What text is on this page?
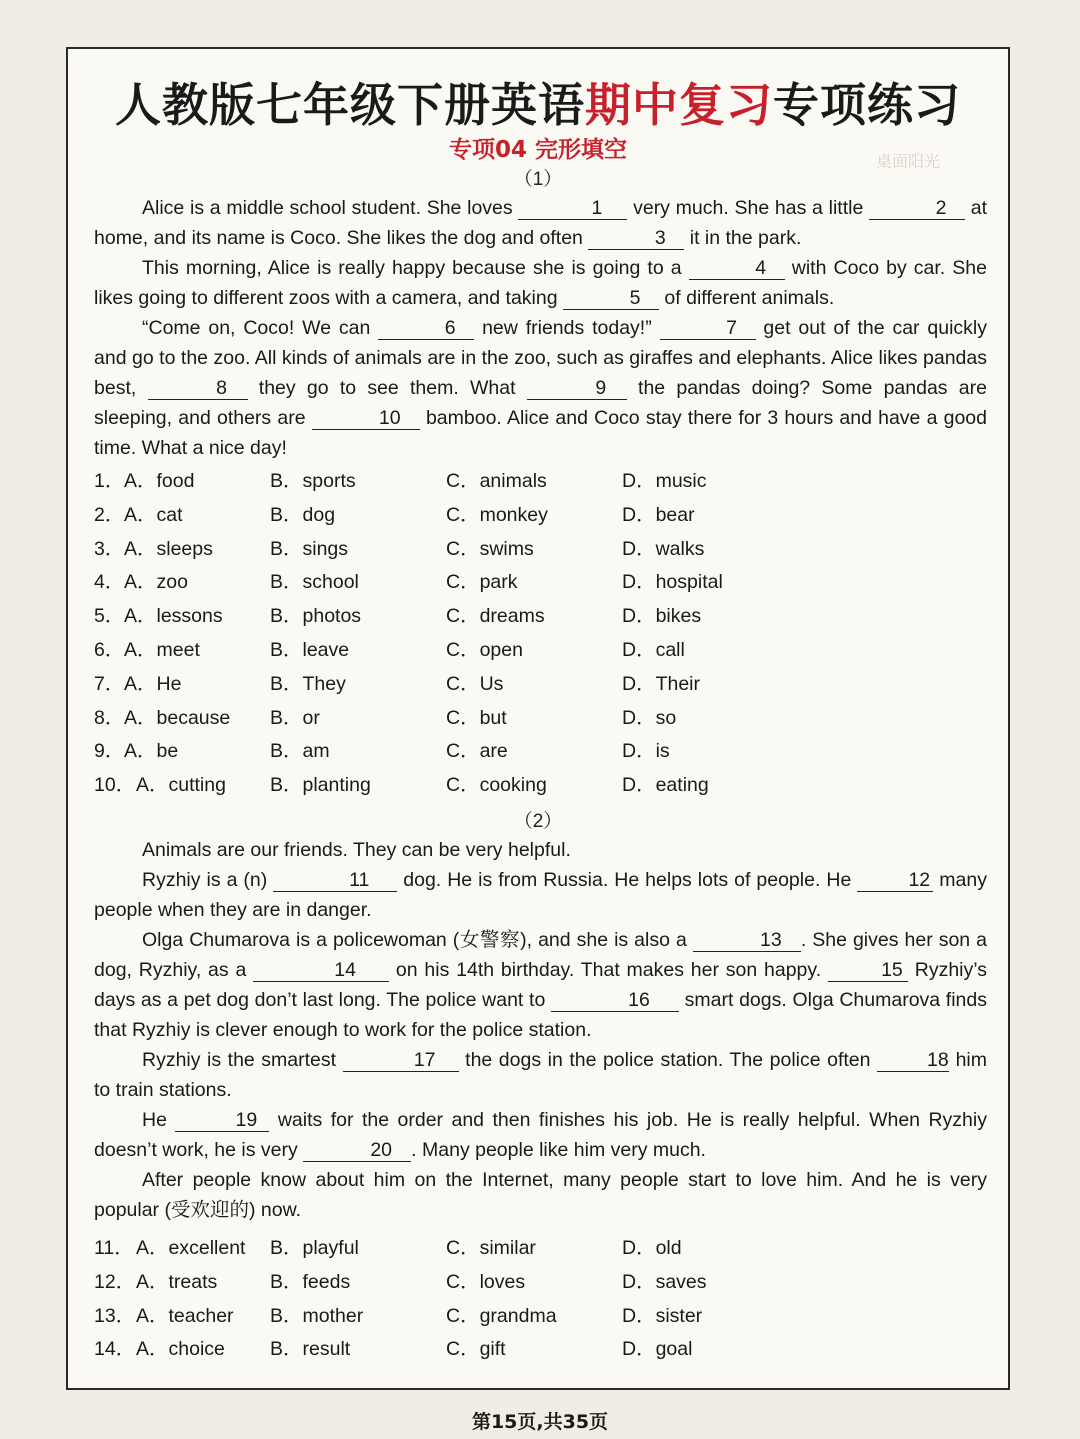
人教版七年级下册英语期中复习专项练习
专项04 完形填空	桌面阳光
（1）

Alice is a middle school student. She loves	1 very much. She has a little	2 at home, and its name is Coco. She likes the dog and often	3 it in the park.

This morning, Alice is really happy because she is going to a	4 with Coco by car. She likes going to different zoos with a camera, and taking	5 of different animals.

“Come on, Coco! We can	6 new friends today!”	7 get out of the car quickly and go to the zoo. All kinds of animals are in the zoo, such as giraffes and elephants. Alice likes pandas best,	8 they go to see them. What	9 the pandas doing? Some pandas are sleeping, and others are	10 bamboo. Alice and Coco stay there for 3 hours and have a good time. What a nice day!

1． A．food	B．sports	C．animals	D．music
2． A．cat	B．dog	C．monkey	D．bear
3． A．sleeps	B．sings	C．swims	D．walks
4． A．zoo	B．school	C．park	D．hospital
5． A．lessons B．photos	C．dreams	D．bikes
6． A．meet	B．leave	C．open	D．call
7． A．He	B．They	C．Us	D．Their
8． A．because B．or	C．but	D．so
9． A．be	B．am	C．are	D．is
10． A．cutting B．planting	C．cooking	D．eating
（2）

Animals are our friends. They can be very helpful.

Ryzhiy is a (n)	11 dog. He is from Russia. He helps lots of people. He	12 many people when they are in danger.

Olga Chumarova is a policewoman (女警察), and she is also a	13 . She gives her son a dog, Ryzhiy, as a	14 on his 14th birthday. That makes her son happy.	15 Ryzhiy’s days as a pet dog don’t last long. The police want to	16 smart dogs. Olga Chumarova finds that Ryzhiy is clever enough to work for the police station.

Ryzhiy is the smartest	17 the dogs in the police station. The police often	18 him to train stations.

He	19 waits for the order and then finishes his job. He is really helpful. When Ryzhiy doesn’t work, he is very	20 . Many people like him very much.

After people know about him on the Internet, many people start to love him. And he is very popular (受欢迎的) now.

11． A．excellent B．playful	C．similar	D．old
12． A．treats	B．feeds	C．loves	D．saves
13． A．teacher B．mother	C．grandma	D．sister
14． A．choice B．result	C．gift	D．goal
第15页,共35页
